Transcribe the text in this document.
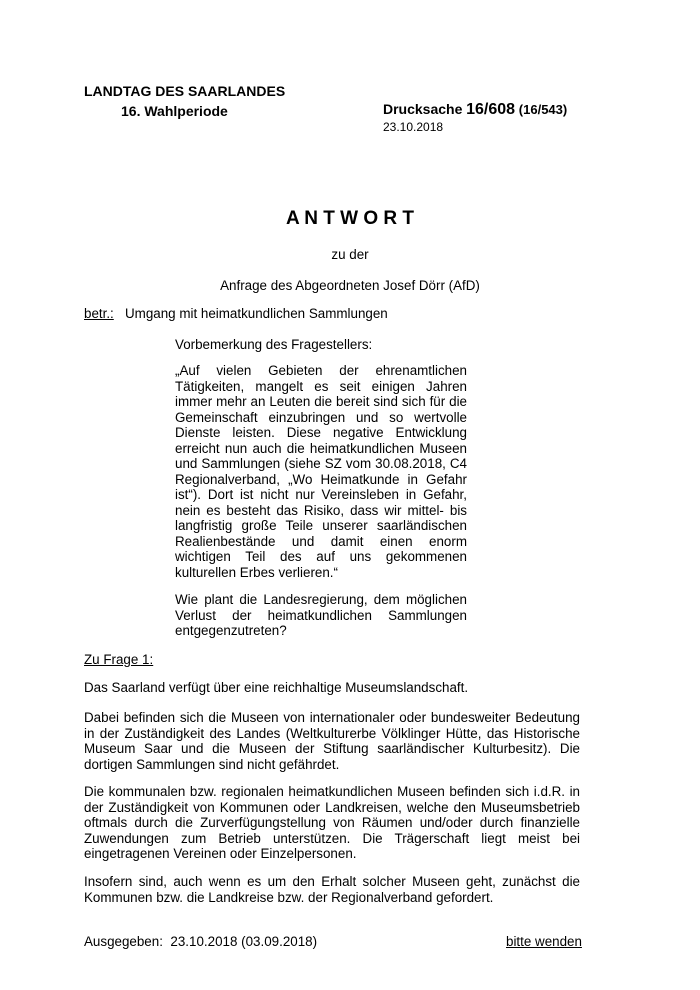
LANDTAG DES SAARLANDES
16. Wahlperiode	Drucksache 16/608 (16/543)
23.10.2018
A N T W O R T
zu der
Anfrage des Abgeordneten Josef Dörr (AfD)
betr.: Umgang mit heimatkundlichen Sammlungen
Vorbemerkung des Fragestellers:

„Auf vielen Gebieten der ehrenamtlichen Tätigkeiten, mangelt es seit einigen Jahren immer mehr an Leuten die bereit sind sich für die Gemeinschaft einzubringen und so wertvolle Dienste leisten. Diese negative Entwicklung erreicht nun auch die heimatkundlichen Museen und Sammlungen (siehe SZ vom 30.08.2018, C4 Regionalverband, „Wo Heimatkunde in Gefahr ist“). Dort ist nicht nur Vereinsleben in Gefahr, nein es besteht das Risiko, dass wir mittel- bis langfristig große Teile unserer saarländischen Realienbestände und damit einen enorm wichtigen Teil des auf uns gekommenen kulturellen Erbes verlieren.“

Wie plant die Landesregierung, dem möglichen Verlust der heimatkundlichen Sammlungen entgegenzutreten?

Zu Frage 1:

Das Saarland verfügt über eine reichhaltige Museumslandschaft.

Dabei befinden sich die Museen von internationaler oder bundesweiter Bedeutung in der Zuständigkeit des Landes (Weltkulturerbe Völklinger Hütte, das Historische Museum Saar und die Museen der Stiftung saarländischer Kulturbesitz). Die dortigen Sammlungen sind nicht gefährdet.

Die kommunalen bzw. regionalen heimatkundlichen Museen befinden sich i.d.R. in der Zuständigkeit von Kommunen oder Landkreisen, welche den Museumsbetrieb oftmals durch die Zurverfügungstellung von Räumen und/oder durch finanzielle Zuwendungen zum Betrieb unterstützen. Die Trägerschaft liegt meist bei eingetragenen Vereinen oder Einzelpersonen.

Insofern sind, auch wenn es um den Erhalt solcher Museen geht, zunächst die Kommunen bzw. die Landkreise bzw. der Regionalverband gefordert.

Ausgegeben: 23.10.2018 (03.09.2018)	bitte wenden
